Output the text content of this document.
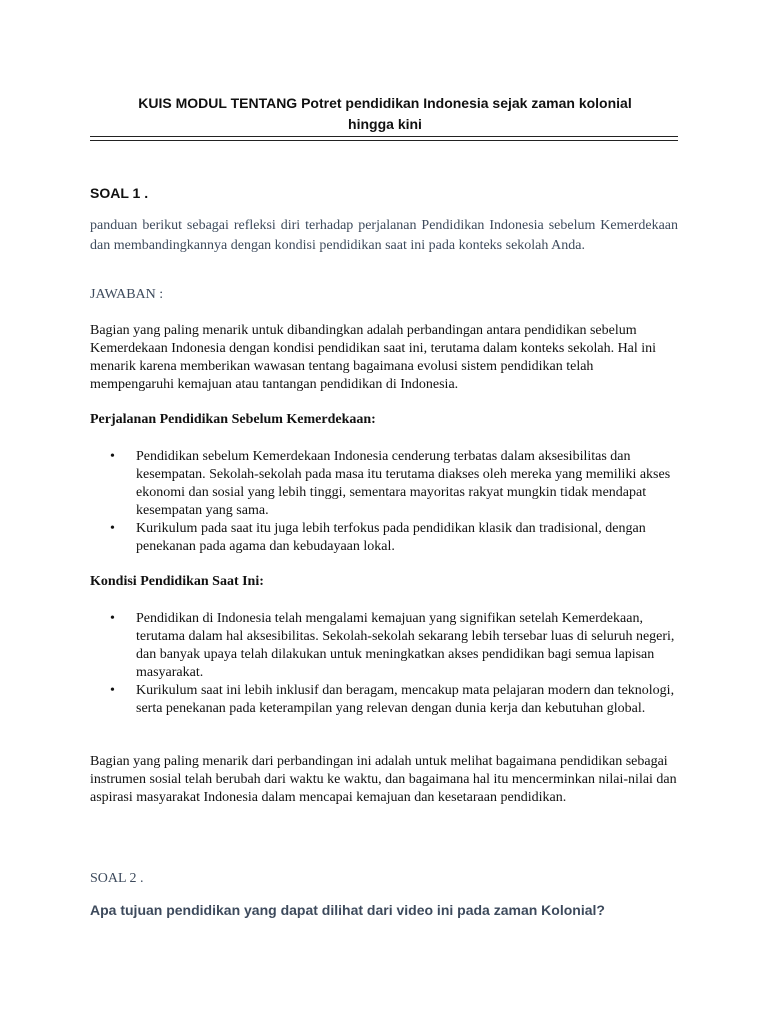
KUIS MODUL TENTANG Potret pendidikan Indonesia sejak zaman kolonial
hingga kini
SOAL 1 .
panduan berikut sebagai refleksi diri terhadap perjalanan Pendidikan Indonesia sebelum Kemerdekaan dan membandingkannya dengan kondisi pendidikan saat ini pada konteks sekolah Anda.
JAWABAN :
Bagian yang paling menarik untuk dibandingkan adalah perbandingan antara pendidikan sebelum Kemerdekaan Indonesia dengan kondisi pendidikan saat ini, terutama dalam konteks sekolah. Hal ini menarik karena memberikan wawasan tentang bagaimana evolusi sistem pendidikan telah mempengaruhi kemajuan atau tantangan pendidikan di Indonesia.
Perjalanan Pendidikan Sebelum Kemerdekaan:
• Pendidikan sebelum Kemerdekaan Indonesia cenderung terbatas dalam aksesibilitas dan kesempatan. Sekolah-sekolah pada masa itu terutama diakses oleh mereka yang memiliki akses ekonomi dan sosial yang lebih tinggi, sementara mayoritas rakyat mungkin tidak mendapat kesempatan yang sama.
• Kurikulum pada saat itu juga lebih terfokus pada pendidikan klasik dan tradisional, dengan penekanan pada agama dan kebudayaan lokal.
Kondisi Pendidikan Saat Ini:
• Pendidikan di Indonesia telah mengalami kemajuan yang signifikan setelah Kemerdekaan, terutama dalam hal aksesibilitas. Sekolah-sekolah sekarang lebih tersebar luas di seluruh negeri, dan banyak upaya telah dilakukan untuk meningkatkan akses pendidikan bagi semua lapisan masyarakat.
• Kurikulum saat ini lebih inklusif dan beragam, mencakup mata pelajaran modern dan teknologi, serta penekanan pada keterampilan yang relevan dengan dunia kerja dan kebutuhan global.
Bagian yang paling menarik dari perbandingan ini adalah untuk melihat bagaimana pendidikan sebagai instrumen sosial telah berubah dari waktu ke waktu, dan bagaimana hal itu mencerminkan nilai-nilai dan aspirasi masyarakat Indonesia dalam mencapai kemajuan dan kesetaraan pendidikan.
SOAL 2 .
Apa tujuan pendidikan yang dapat dilihat dari video ini pada zaman Kolonial?
